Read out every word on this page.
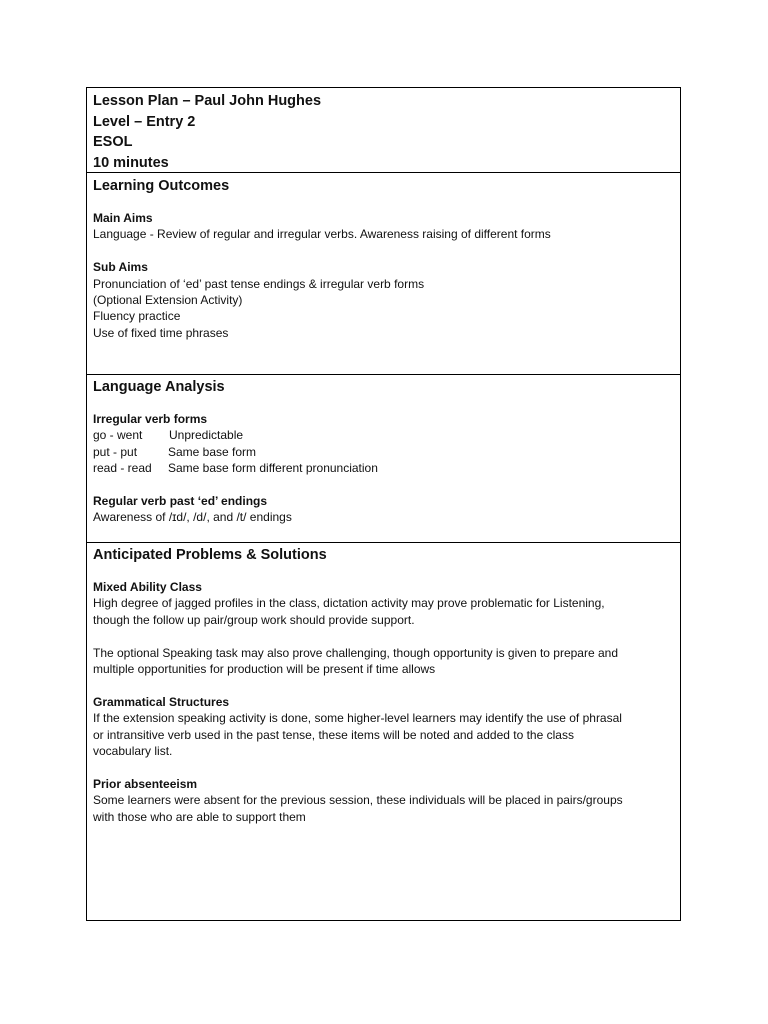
Lesson Plan – Paul John Hughes
Level – Entry 2
ESOL
10 minutes
Learning Outcomes
Main Aims
Language - Review of regular and irregular verbs. Awareness raising of different forms
Sub Aims
Pronunciation of ‘ed’ past tense endings & irregular verb forms
(Optional Extension Activity)
Fluency practice
Use of fixed time phrases
Language Analysis
Irregular verb forms
go - went	Unpredictable
put - put	Same base form
read - read	Same base form different pronunciation
Regular verb past ‘ed’ endings
Awareness of /ɪd/, /d/, and /t/ endings
Anticipated Problems & Solutions
Mixed Ability Class
High degree of jagged profiles in the class, dictation activity may prove problematic for Listening,
though the follow up pair/group work should provide support.
The optional Speaking task may also prove challenging, though opportunity is given to prepare and
multiple opportunities for production will be present if time allows
Grammatical Structures
If the extension speaking activity is done, some higher-level learners may identify the use of phrasal
or intransitive verb used in the past tense, these items will be noted and added to the class
vocabulary list.
Prior absenteeism
Some learners were absent for the previous session, these individuals will be placed in pairs/groups
with those who are able to support them
